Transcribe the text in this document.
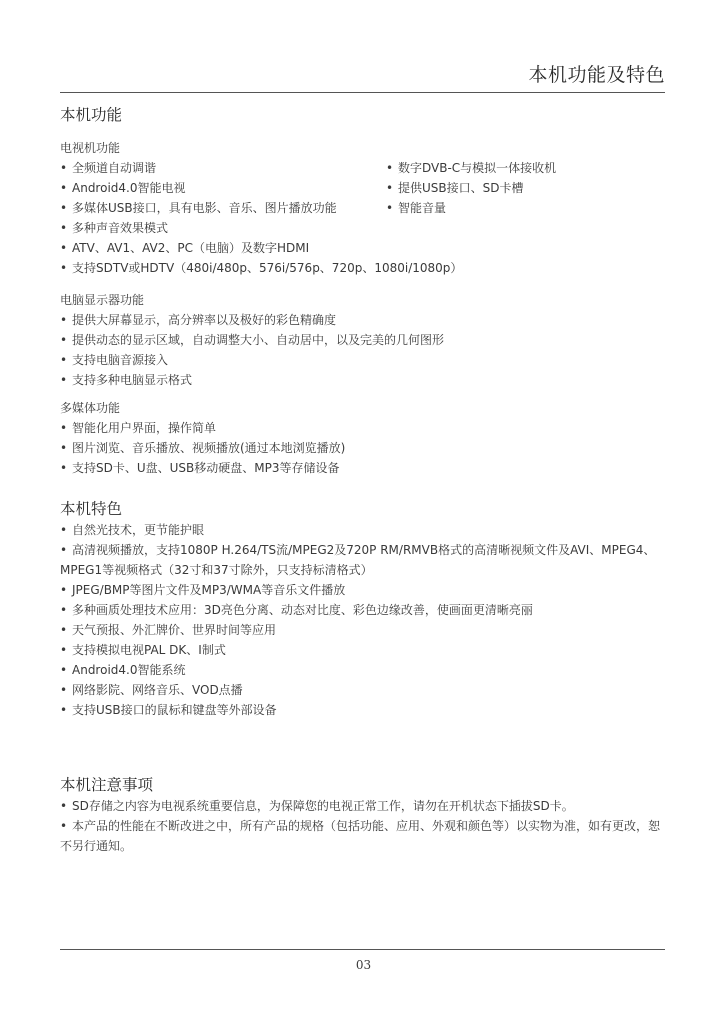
本机功能及特色
本机功能
电视机功能
• 全频道自动调谐
• Android4.0智能电视
• 多媒体USB接口，具有电影、音乐、图片播放功能
• 多种声音效果模式
• ATV、AV1、AV2、PC（电脑）及数字HDMI
• 支持SDTV或HDTV（480i/480p、576i/576p、720p、1080i/1080p）
• 数字DVB-C与模拟一体接收机
• 提供USB接口、SD卡槽
• 智能音量
电脑显示器功能
• 提供大屏幕显示，高分辨率以及极好的彩色精确度
• 提供动态的显示区域，自动调整大小、自动居中，以及完美的几何图形
• 支持电脑音源接入
• 支持多种电脑显示格式
多媒体功能
• 智能化用户界面，操作简单
• 图片浏览、音乐播放、视频播放(通过本地浏览播放)
• 支持SD卡、U盘、USB移动硬盘、MP3等存储设备
本机特色
• 自然光技术，更节能护眼
• 高清视频播放，支持1080P H.264/TS流/MPEG2及720P RM/RMVB格式的高清晰视频文件及AVI、MPEG4、MPEG1等视频格式（32寸和37寸除外，只支持标清格式）
• JPEG/BMP等图片文件及MP3/WMA等音乐文件播放
• 多种画质处理技术应用：3D亮色分离、动态对比度、彩色边缘改善，使画面更清晰亮丽
• 天气预报、外汇牌价、世界时间等应用
• 支持模拟电视PAL DK、I制式
• Android4.0智能系统
• 网络影院、网络音乐、VOD点播
• 支持USB接口的鼠标和键盘等外部设备
本机注意事项
• SD存储之内容为电视系统重要信息，为保障您的电视正常工作，请勿在开机状态下插拔SD卡。
• 本产品的性能在不断改进之中，所有产品的规格（包括功能、应用、外观和颜色等）以实物为准，如有更改，恕不另行通知。
03
